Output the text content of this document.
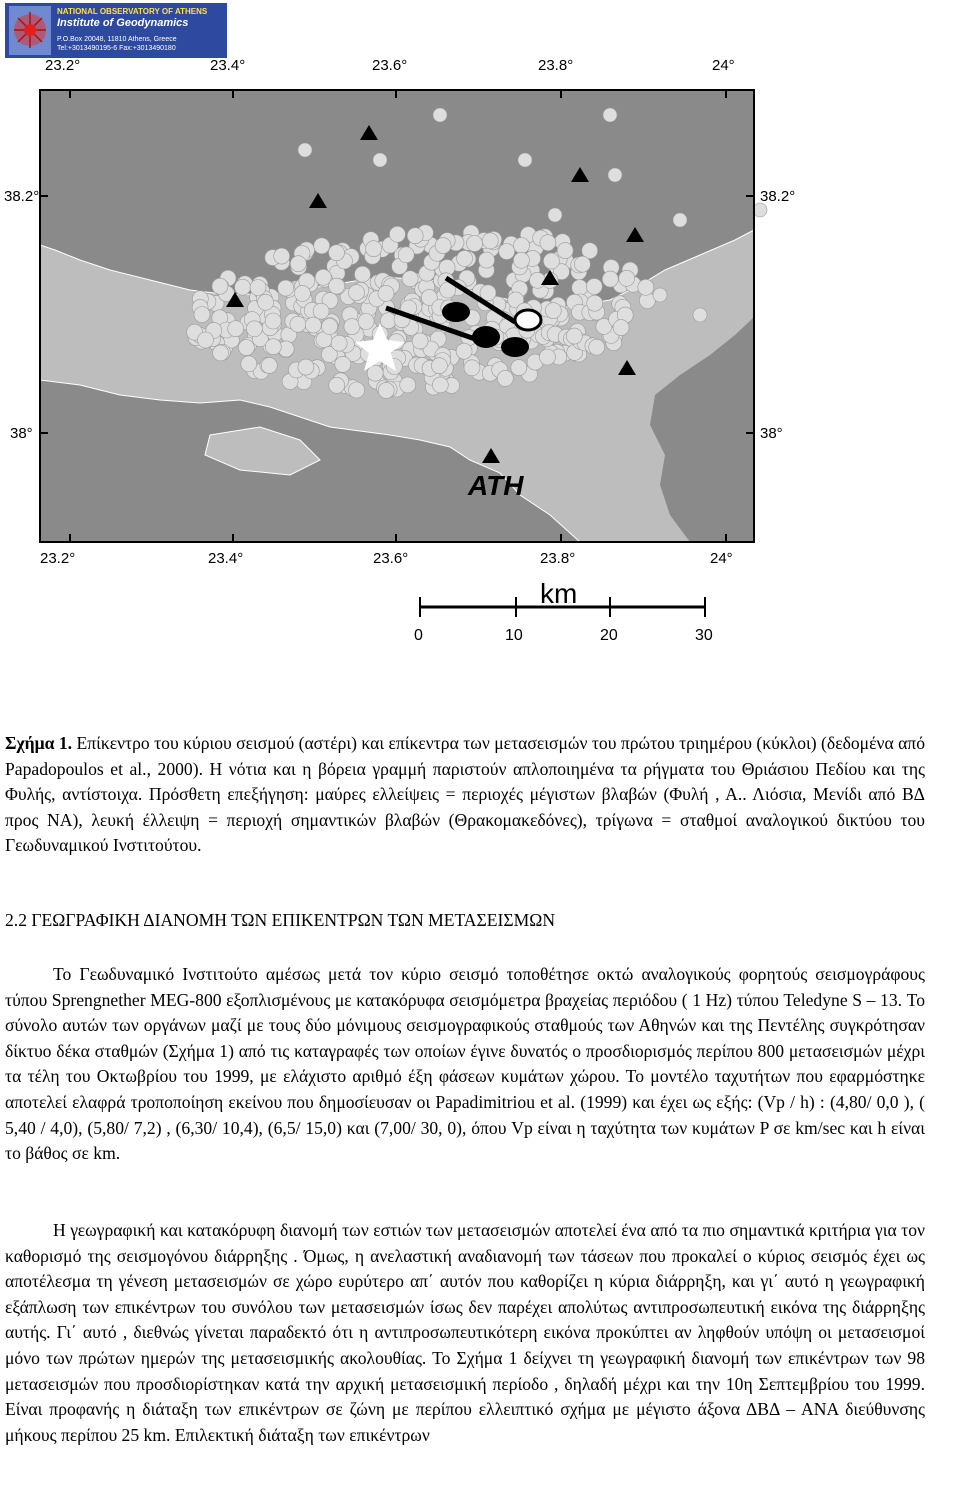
NATIONAL OBSERVATORY OF ATHENS
Institute of Geodynamics
P.O.Box 20048, 11810 Athens, Greece
Tel:+3013490195-6 Fax:+3013490180
ATH
km
0	10	20	30
23.2°	23.4°	23.6°	23.8°	24°
23.2°	23.4°	23.6°	23.8°	24°
38.2°
38°
38.2°
38°
Σχήμα 1. Επίκεντρο του κύριου σεισμού (αστέρι) και επίκεντρα των μετασεισμών του πρώτου τριημέρου (κύκλοι) (δεδομένα από Papadopoulos et al., 2000). Η νότια και η βόρεια γραμμή παριστούν απλοποιημένα τα ρήγματα του Θριάσιου Πεδίου και της Φυλής, αντίστοιχα. Πρόσθετη επεξήγηση: μαύρες ελλείψεις = περιοχές μέγιστων βλαβών (Φυλή , Α.. Λιόσια, Μενίδι από ΒΔ προς ΝΑ), λευκή έλλειψη = περιοχή σημαντικών βλαβών (Θρακομακεδόνες), τρίγωνα = σταθμοί αναλογικού δικτύου του Γεωδυναμικού Ινστιτούτου.
2.2 ΓΕΩΓΡΑΦΙΚΗ ΔΙΑΝΟΜΗ ΤΩΝ ΕΠΙΚΕΝΤΡΩΝ ΤΩΝ ΜΕΤΑΣΕΙΣΜΩΝ
Το Γεωδυναμικό Ινστιτούτο αμέσως μετά τον κύριο σεισμό τοποθέτησε οκτώ αναλογικούς φορητούς σεισμογράφους τύπου Sprengnether MEG-800 εξοπλισμένους με κατακόρυφα σεισμόμετρα βραχείας περιόδου ( 1 Hz) τύπου Teledyne S – 13. Το σύνολο αυτών των οργάνων μαζί με τους δύο μόνιμους σεισμογραφικούς σταθμούς των Αθηνών και της Πεντέλης συγκρότησαν δίκτυο δέκα σταθμών (Σχήμα 1) από τις καταγραφές των οποίων έγινε δυνατός ο προσδιορισμός περίπου 800 μετασεισμών μέχρι τα τέλη του Οκτωβρίου του 1999, με ελάχιστο αριθμό έξη φάσεων κυμάτων χώρου. Το μοντέλο ταχυτήτων που εφαρμόστηκε αποτελεί ελαφρά τροποποίηση εκείνου που δημοσίευσαν οι Papadimitriou et al. (1999) και έχει ως εξής: (Vp / h) : (4,80/ 0,0 ), ( 5,40 / 4,0), (5,80/ 7,2) , (6,30/ 10,4), (6,5/ 15,0) και (7,00/ 30, 0), όπου Vp είναι η ταχύτητα των κυμάτων P σε km/sec και h είναι το βάθος σε km.
Η γεωγραφική και κατακόρυφη διανομή των εστιών των μετασεισμών αποτελεί ένα από τα πιο σημαντικά κριτήρια για τον καθορισμό της σεισμογόνου διάρρηξης . Όμως, η ανελαστική αναδιανομή των τάσεων που προκαλεί ο κύριος σεισμός έχει ως αποτέλεσμα τη γένεση μετασεισμών σε χώρο ευρύτερο απ΄ αυτόν που καθορίζει η κύρια διάρρηξη, και γι΄ αυτό η γεωγραφική εξάπλωση των επικέντρων του συνόλου των μετασεισμών ίσως δεν παρέχει απολύτως αντιπροσωπευτική εικόνα της διάρρηξης αυτής. Γι΄ αυτό , διεθνώς γίνεται παραδεκτό ότι η αντιπροσωπευτικότερη εικόνα προκύπτει αν ληφθούν υπόψη οι μετασεισμοί μόνο των πρώτων ημερών της μετασεισμικής ακολουθίας. Το Σχήμα 1 δείχνει τη γεωγραφική διανομή των επικέντρων των 98 μετασεισμών που προσδιορίστηκαν κατά την αρχική μετασεισμική περίοδο , δηλαδή μέχρι και την 10η Σεπτεμβρίου του 1999. Είναι προφανής η διάταξη των επικέντρων σε ζώνη με περίπου ελλειπτικό σχήμα με μέγιστο άξονα ΔΒΔ – ΑΝΑ διεύθυνσης μήκους περίπου 25 km. Επιλεκτική διάταξη των επικέντρων
